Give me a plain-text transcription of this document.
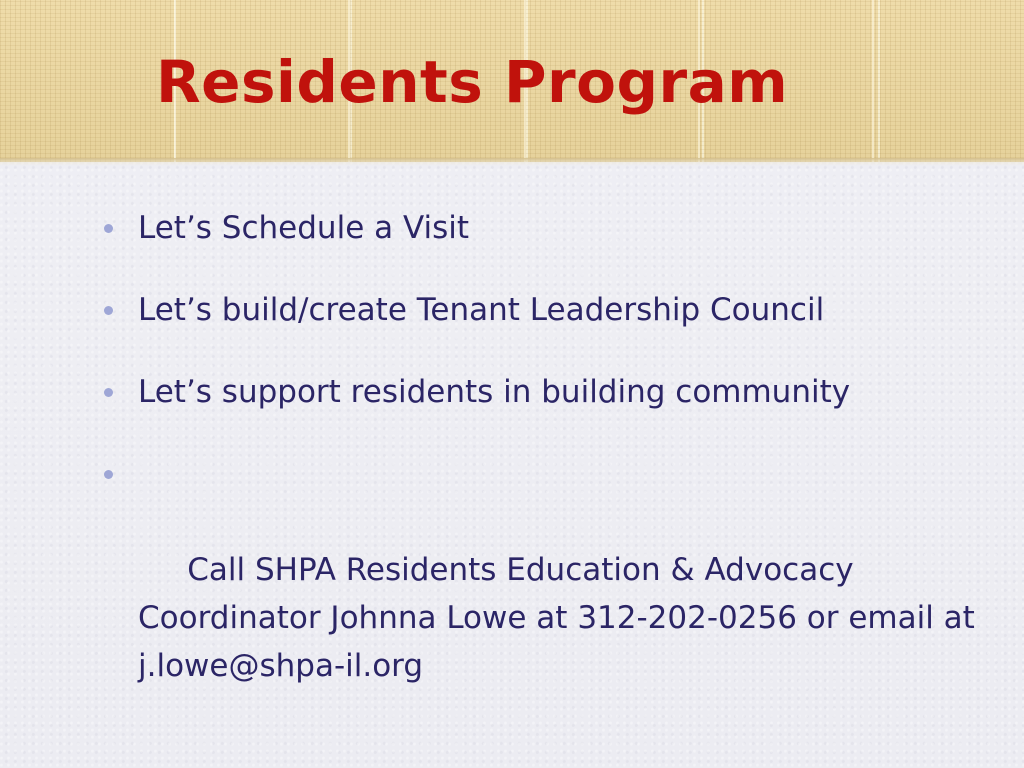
Residents Program
Let’s Schedule a Visit
Let’s build/create Tenant Leadership Council
Let’s support residents in building community

Call SHPA Residents Education & Advocacy Coordinator Johnna Lowe at 312-202-0256 or email at j.lowe@shpa-il.org
